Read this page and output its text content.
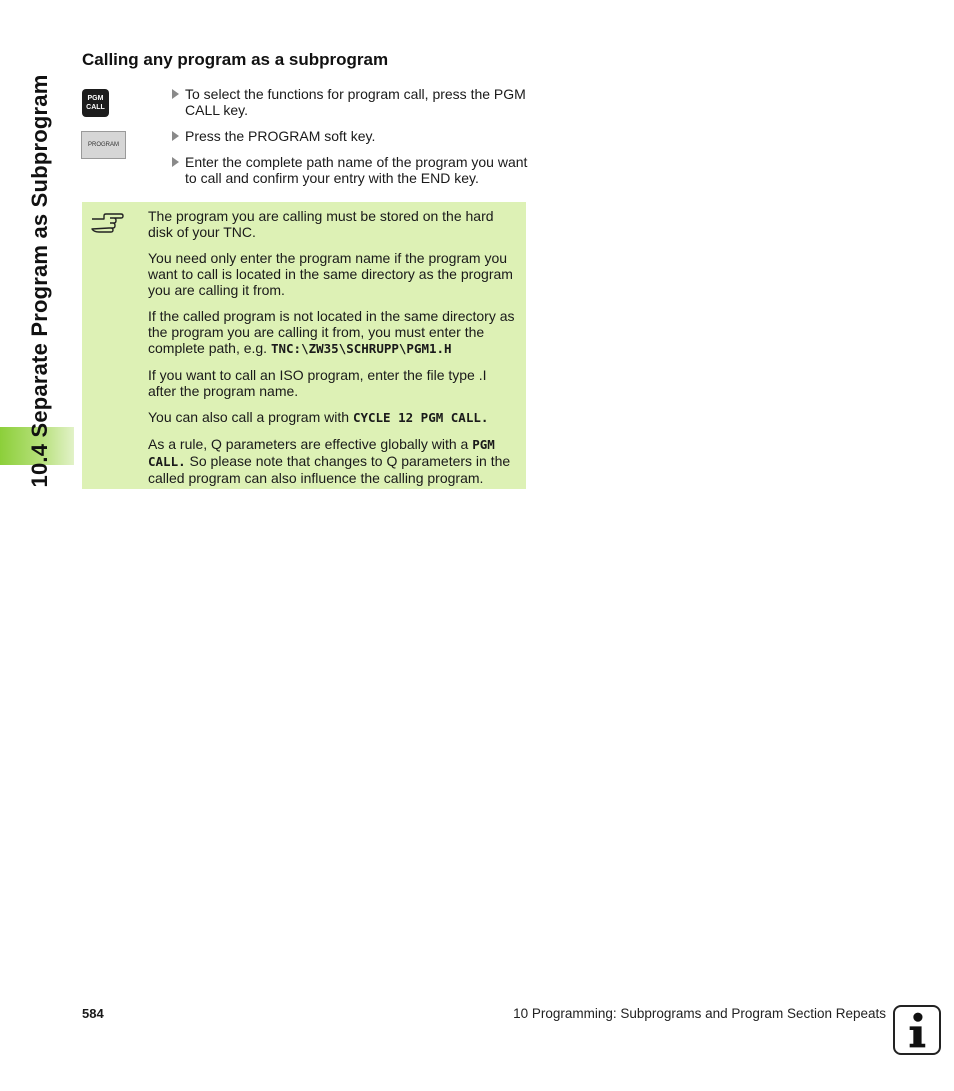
10.4 Separate Program as Subprogram
Calling any program as a subprogram
PGM
CALL
PROGRAM
To select the functions for program call, press the PGM CALL key.
Press the PROGRAM soft key.
Enter the complete path name of the program you want to call and confirm your entry with the END key.

The program you are calling must be stored on the hard disk of your TNC.

You need only enter the program name if the program you want to call is located in the same directory as the program you are calling it from.

If the called program is not located in the same directory as the program you are calling it from, you must enter the complete path, e.g. TNC:\ZW35\SCHRUPP\PGM1.H

If you want to call an ISO program, enter the file type .I after the program name.

You can also call a program with CYCLE 12 PGM CALL.

As a rule, Q parameters are effective globally with a PGM CALL. So please note that changes to Q parameters in the called program can also influence the calling program.

584	10 Programming: Subprograms and Program Section Repeats
